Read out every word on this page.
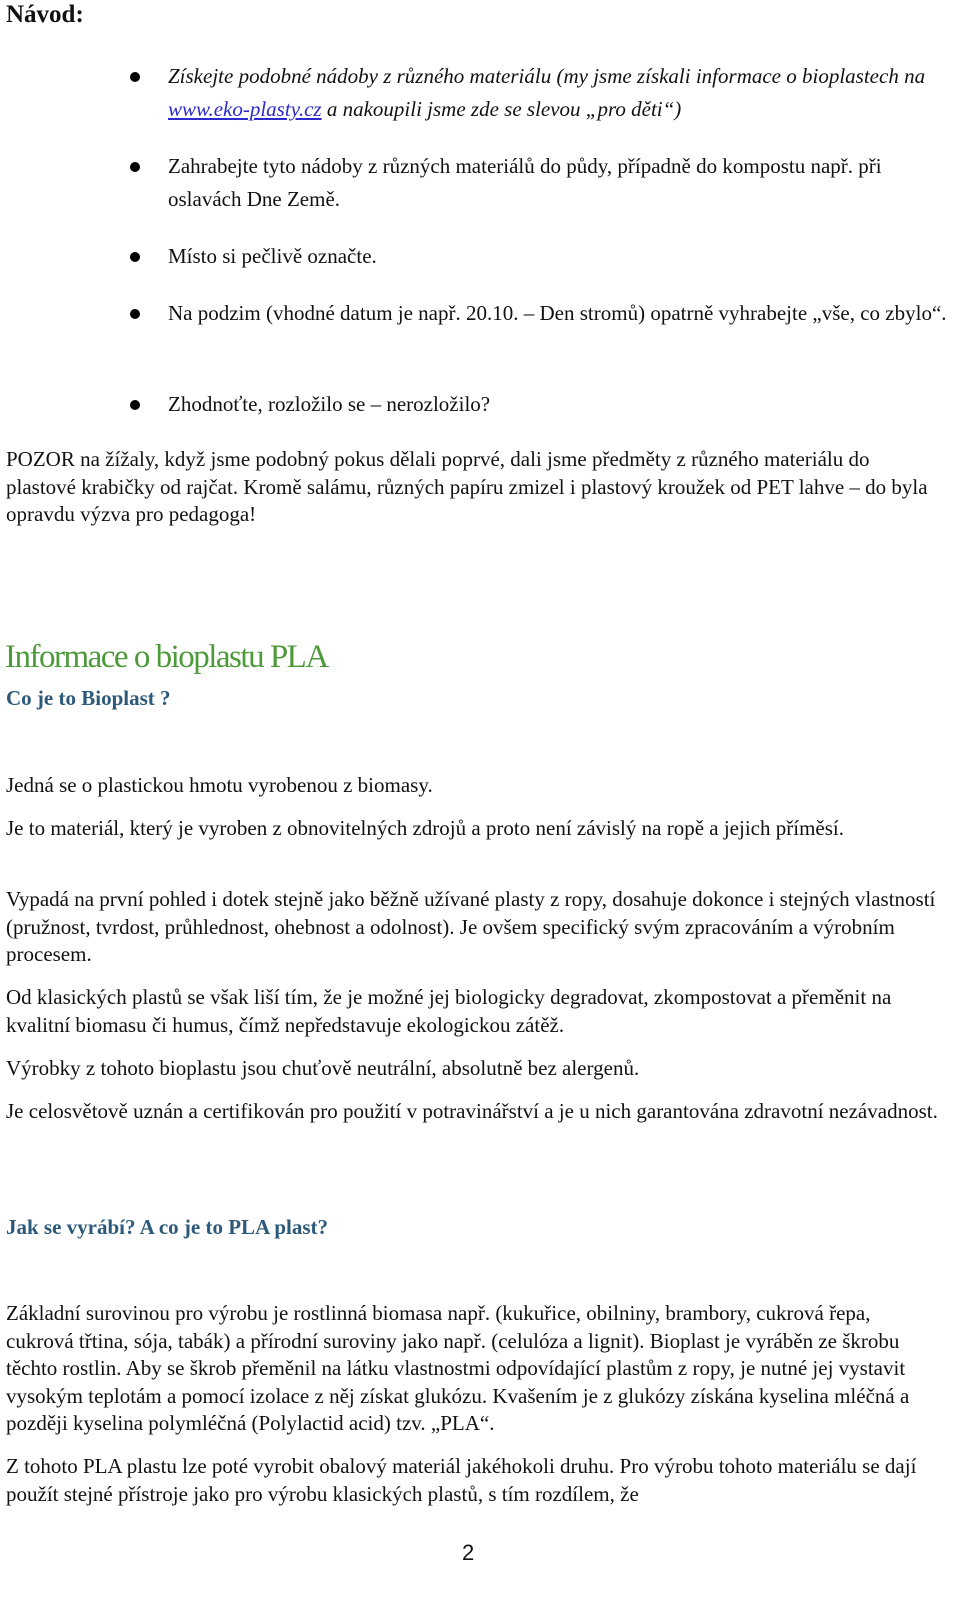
Návod:
Získejte podobné nádoby z různého materiálu (my jsme získali informace o bioplastech na www.eko-plasty.cz a nakoupili jsme zde se slevou „pro děti“)
Zahrabejte tyto nádoby z různých materiálů do půdy, případně do kompostu např. při oslavách Dne Země.
Místo si pečlivě označte.
Na podzim (vhodné datum je např. 20.10. – Den stromů) opatrně vyhrabejte „vše, co zbylo“.
Zhodnoťte, rozložilo se – nerozložilo?

POZOR na žížaly, když jsme podobný pokus dělali poprvé, dali jsme předměty z různého materiálu do plastové krabičky od rajčat. Kromě salámu, různých papíru zmizel i plastový kroužek od PET lahve – do byla opravdu výzva pro pedagoga!

Informace o bioplastu PLA
Co je to Bioplast ?

Jedná se o plastickou hmotu vyrobenou z biomasy.

Je to materiál, který je vyroben z obnovitelných zdrojů a proto není závislý na ropě a jejich příměsí.

Vypadá na první pohled i dotek stejně jako běžně užívané plasty z ropy, dosahuje dokonce i stejných vlastností (pružnost, tvrdost, průhlednost, ohebnost a odolnost). Je ovšem specifický svým zpracováním a výrobním procesem.

Od klasických plastů se však liší tím, že je možné jej biologicky degradovat, zkompostovat a přeměnit na kvalitní biomasu či humus, čímž nepředstavuje ekologickou zátěž.

Výrobky z tohoto bioplastu jsou chuťově neutrální, absolutně bez alergenů.

Je celosvětově uznán a certifikován pro použití v potravinářství a je u nich garantována zdravotní nezávadnost.

Jak se vyrábí? A co je to PLA plast?

Základní surovinou pro výrobu je rostlinná biomasa např. (kukuřice, obilniny, brambory, cukrová řepa, cukrová třtina, sója, tabák) a přírodní suroviny jako např. (celulóza a lignit). Bioplast je vyráběn ze škrobu těchto rostlin. Aby se škrob přeměnil na látku vlastnostmi odpovídající plastům z ropy, je nutné jej vystavit vysokým teplotám a pomocí izolace z něj získat glukózu. Kvašením je z glukózy získána kyselina mléčná a později kyselina polymléčná (Polylactid acid) tzv. „PLA“.

Z tohoto PLA plastu lze poté vyrobit obalový materiál jakéhokoli druhu. Pro výrobu tohoto materiálu se dají použít stejné přístroje jako pro výrobu klasických plastů, s tím rozdílem, že

2
